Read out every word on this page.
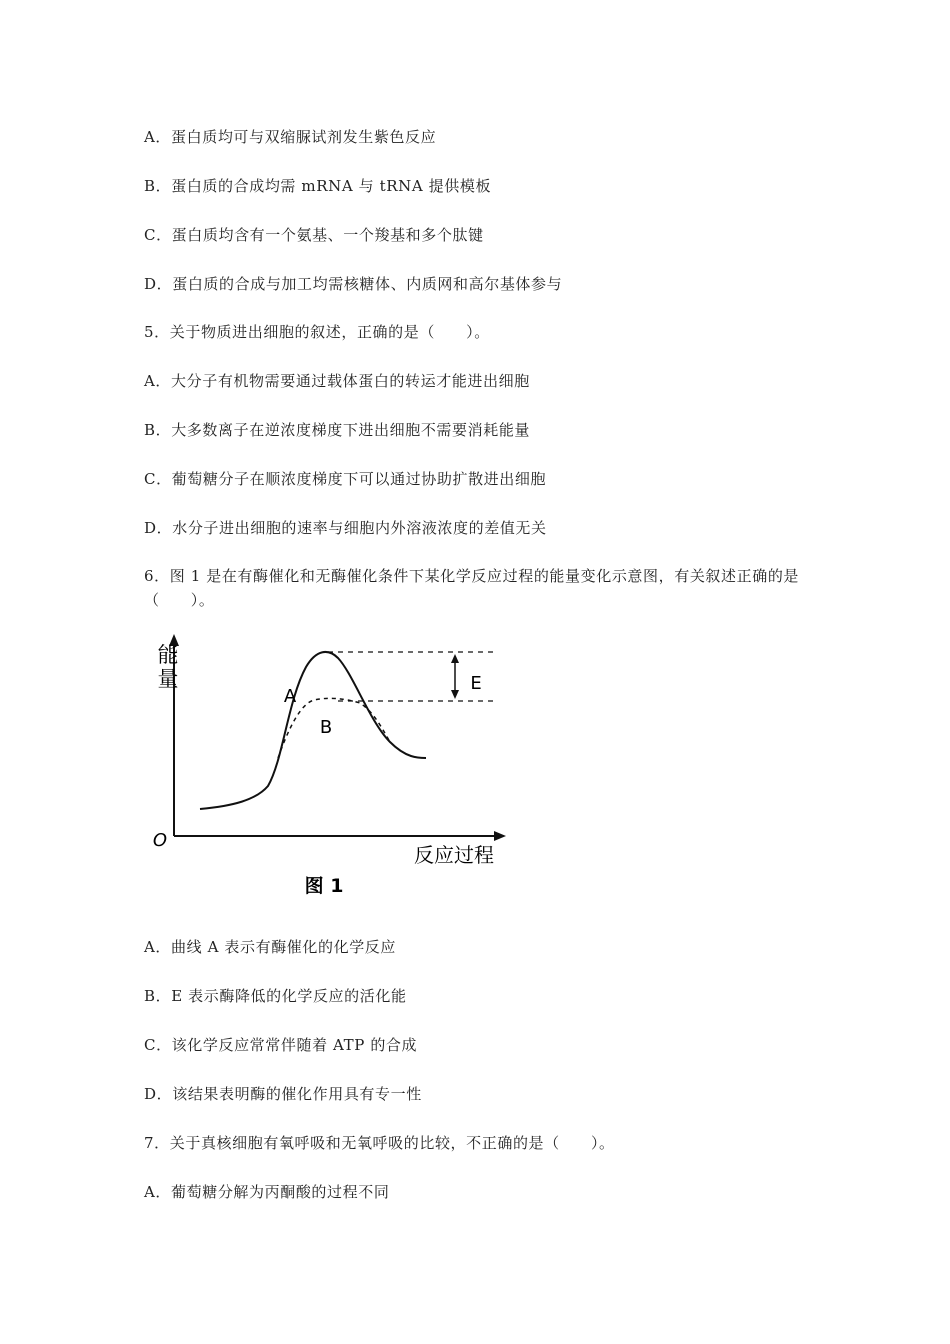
A．蛋白质均可与双缩脲试剂发生紫色反应
B．蛋白质的合成均需 mRNA 与 tRNA 提供模板
C．蛋白质均含有一个氨基、一个羧基和多个肽键
D．蛋白质的合成与加工均需核糖体、内质网和高尔基体参与
5．关于物质进出细胞的叙述，正确的是（　　）。
A．大分子有机物需要通过载体蛋白的转运才能进出细胞
B．大多数离子在逆浓度梯度下进出细胞不需要消耗能量
C．葡萄糖分子在顺浓度梯度下可以通过协助扩散进出细胞
D．水分子进出细胞的速率与细胞内外溶液浓度的差值无关
6．图 1 是在有酶催化和无酶催化条件下某化学反应过程的能量变化示意图，有关叙述正确的是（　　）。
能
量
O
反应过程
A
B
E
图 1
A．曲线 A 表示有酶催化的化学反应
B．E 表示酶降低的化学反应的活化能
C．该化学反应常常伴随着 ATP 的合成
D．该结果表明酶的催化作用具有专一性
7．关于真核细胞有氧呼吸和无氧呼吸的比较，不正确的是（　　）。
A．葡萄糖分解为丙酮酸的过程不同
